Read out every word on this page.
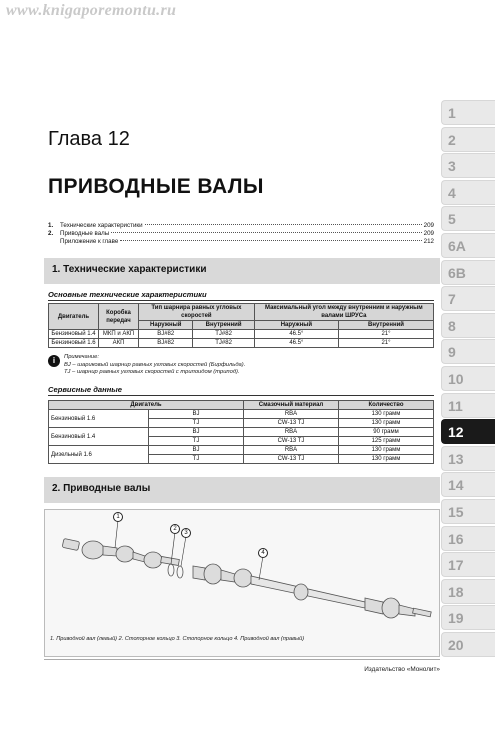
www.knigaporemontu.ru
Глава 12
ПРИВОДНЫЕ ВАЛЫ
1.	Технические характеристики	209
2.	Приводные валы	209
Приложение к главе	212
1. Технические характеристики
Основные технические характеристики
Двигатель	Коробка передач	Тип шарнира равных угловых скоростей		Максимальный угол между внутренним и наружным валами ШРУСа	
		Наружный	Внутренний	Наружный	Внутренний
Бензиновый 1.4	МКП и АКП	BJ#82	TJ#82	46.5°	21°
Бензиновый 1.6	АКП	BJ#82	TJ#82	46.5°	21°
i	Примечание:
BJ – шариковый шарнир равных угловых скоростей (Бирфильда).
TJ – шарнир равных угловых скоростей с трипоидом (трипод).
Сервисные данные
Двигатель		Смазочный материал	Количество
Бензиновый 1.6	BJ	RBA	130 грамм
	TJ	CW-13 TJ	130 грамм
Бензиновый 1.4	BJ	RBA	90 грамм
	TJ	CW-13 TJ	125 грамм
Дизельный 1.6	BJ	RBA	130 грамм
	TJ	CW-13 TJ	130 грамм
2. Приводные валы
1
2
3
4
1. Приводной вал (левый) 2. Стопорное кольцо 3. Стопорное кольцо 4. Приводной вал (правый)
Издательство «Монолит»
1
2
3
4
5
6А
6В
7
8
9
10
11
12
13
14
15
16
17
18
19
20
